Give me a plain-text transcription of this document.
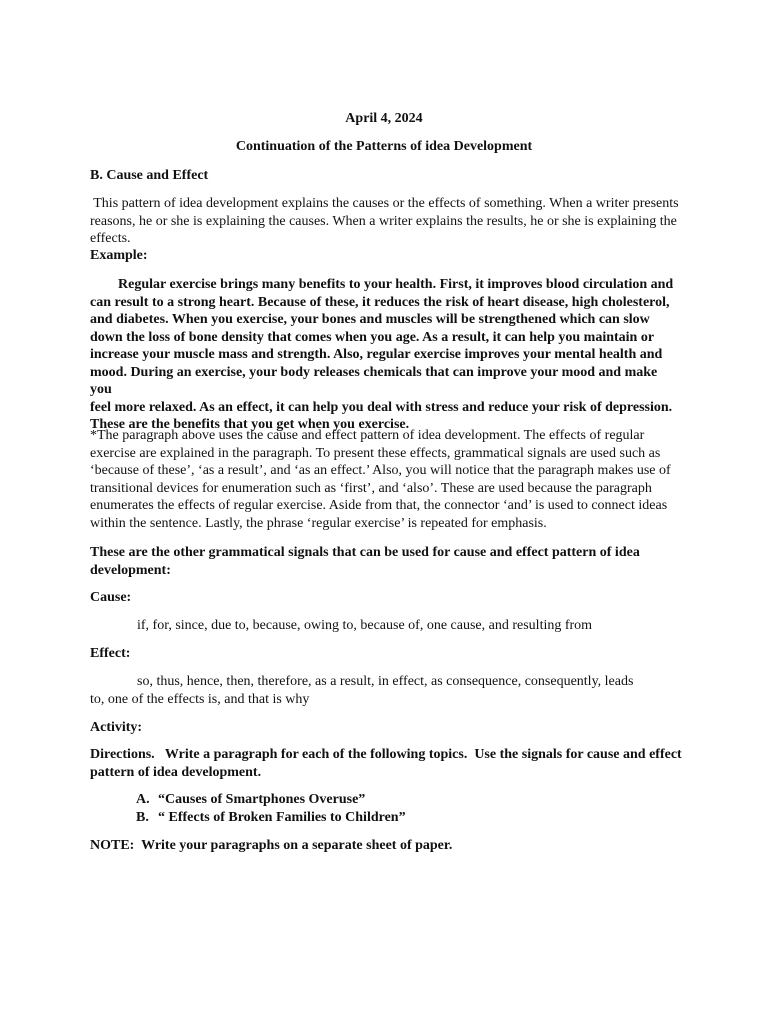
April 4, 2024
Continuation of the Patterns of idea Development
B. Cause and Effect

This pattern of idea development explains the causes or the effects of something. When a writer presents

reasons, he or she is explaining the causes. When a writer explains the results, he or she is explaining the

effects.

Example:

Regular exercise brings many benefits to your health. First, it improves blood circulation and

can result to a strong heart. Because of these, it reduces the risk of heart disease, high cholesterol,

and diabetes. When you exercise, your bones and muscles will be strengthened which can slow

down the loss of bone density that comes when you age. As a result, it can help you maintain or

increase your muscle mass and strength. Also, regular exercise improves your mental health and

mood. During an exercise, your body releases chemicals that can improve your mood and make you

feel more relaxed. As an effect, it can help you deal with stress and reduce your risk of depression.

These are the benefits that you get when you exercise.

*The paragraph above uses the cause and effect pattern of idea development. The effects of regular

exercise are explained in the paragraph. To present these effects, grammatical signals are used such as

‘because of these’, ‘as a result’, and ‘as an effect.’ Also, you will notice that the paragraph makes use of

transitional devices for enumeration such as ‘first’, and ‘also’. These are used because the paragraph

enumerates the effects of regular exercise. Aside from that, the connector ‘and’ is used to connect ideas

within the sentence. Lastly, the phrase ‘regular exercise’ is repeated for emphasis.

These are the other grammatical signals that can be used for cause and effect pattern of idea

development:

Cause:
if, for, since, due to, because, owing to, because of, one cause, and resulting from
Effect:
so, thus, hence, then, therefore, as a result, in effect, as consequence, consequently, leads
to, one of the effects is, and that is why
Activity:

Directions.   Write a paragraph for each of the following topics.  Use the signals for cause and effect

pattern of idea development.

A. “Causes of Smartphones Overuse”
B. “ Effects of Broken Families to Children”
NOTE:  Write your paragraphs on a separate sheet of paper.
